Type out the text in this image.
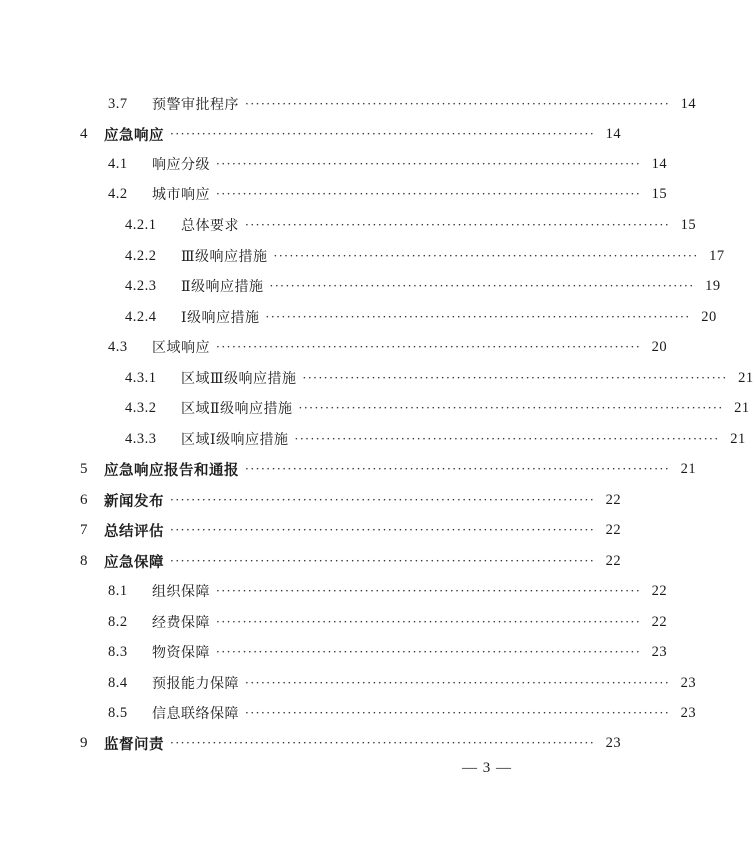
3.7	预警审批程序 ················································································ 14
4	应急响应 ················································································ 14
4.1	响应分级 ················································································ 14
4.2	城市响应 ················································································ 15
4.2.1	总体要求 ················································································ 15
4.2.2	Ⅲ级响应措施 ················································································ 17
4.2.3	Ⅱ级响应措施 ················································································ 19
4.2.4	Ⅰ级响应措施 ················································································ 20
4.3	区域响应 ················································································ 20
4.3.1	区域Ⅲ级响应措施 ················································································ 21
4.3.2	区域Ⅱ级响应措施 ················································································ 21
4.3.3	区域Ⅰ级响应措施 ················································································ 21
5	应急响应报告和通报 ················································································ 21
6	新闻发布 ················································································ 22
7	总结评估 ················································································ 22
8	应急保障 ················································································ 22
8.1	组织保障 ················································································ 22
8.2	经费保障 ················································································ 22
8.3	物资保障 ················································································ 23
8.4	预报能力保障 ················································································ 23
8.5	信息联络保障 ················································································ 23
9	监督问责 ················································································ 23
— 3 —
